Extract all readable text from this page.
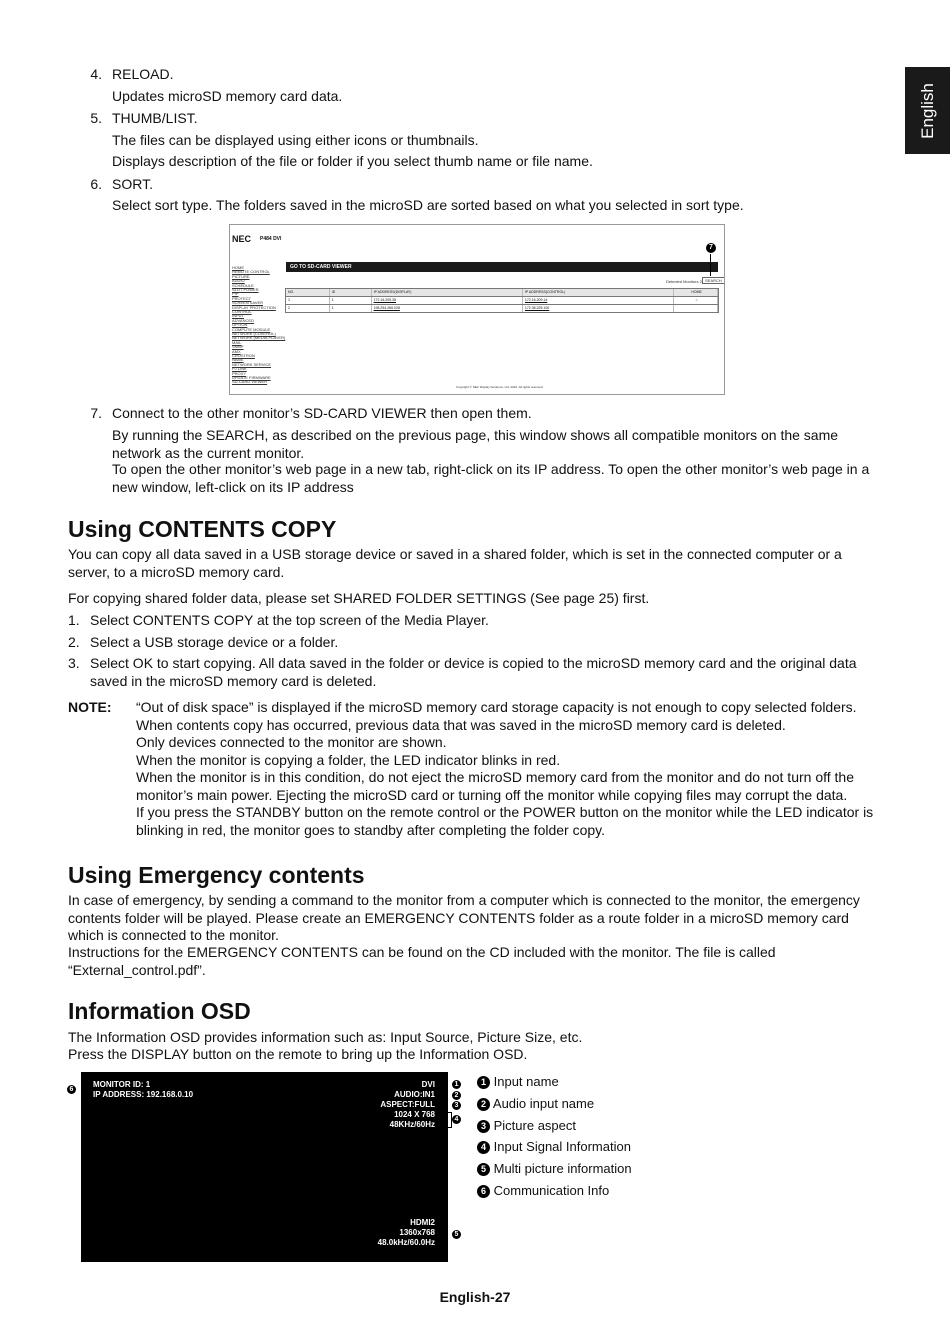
English
4. RELOAD.
Updates microSD memory card data.
5. THUMB/LIST.
The files can be displayed using either icons or thumbnails.
Displays description of the file or folder if you select thumb name or file name.
6. SORT.
Select sort type. The folders saved in the microSD are sorted based on what you selected in sort type.
NEC P484 DVI
GO TO SD-CARD VIEWER
7
Detected Monitors 2 SEARCH
HOME
REMOTE CONTROL
PICTURE
AUDIO
SCHEDULE
SLOT POWER
PIP
PROTECT
SCREEN SAVER
DISPLAY PROTECTION
CONTROL
INPUT
ADVANCED
OPTION
COMPUTE MODULE
NETWORK (CONTROL)
NETWORK (MEDIA PLAYER)
MAIL
SNMP
AMX
CROSTRON
NAME
NETWORK SERVICE
PJ LINK
PROXY
UPDATE FIRMWARE
SD-CARD VIEWER
NO.	ID	IP ADDRESS(DISPLAY)	IP ADDRESS(CONTROL)	HOME
1	1	172.16.209.35	172.16.209.14	○
2	1	198.254.266.028	172.35.225.100
Copyright © NEC Display Solutions, Ltd. 2016. All rights reserved.
7. Connect to the other monitor’s SD-CARD VIEWER then open them.
By running the SEARCH, as described on the previous page, this window shows all compatible monitors on the same network as the current monitor.
To open the other monitor’s web page in a new tab, right-click on its IP address. To open the other monitor’s web page in a new window, left-click on its IP address
Using CONTENTS COPY
You can copy all data saved in a USB storage device or saved in a shared folder, which is set in the connected computer or a server, to a microSD memory card.
For copying shared folder data, please set SHARED FOLDER SETTINGS (See page 25) first.
1. Select CONTENTS COPY at the top screen of the Media Player.
2. Select a USB storage device or a folder.
3. Select OK to start copying. All data saved in the folder or device is copied to the microSD memory card and the original data saved in the microSD memory card is deleted.
NOTE: “Out of disk space” is displayed if the microSD memory card storage capacity is not enough to copy selected folders.
When contents copy has occurred, previous data that was saved in the microSD memory card is deleted.
Only devices connected to the monitor are shown.
When the monitor is copying a folder, the LED indicator blinks in red.
When the monitor is in this condition, do not eject the microSD memory card from the monitor and do not turn off the monitor’s main power. Ejecting the microSD card or turning off the monitor while copying files may corrupt the data.
If you press the STANDBY button on the remote control or the POWER button on the monitor while the LED indicator is blinking in red, the monitor goes to standby after completing the folder copy.
Using Emergency contents
In case of emergency, by sending a command to the monitor from a computer which is connected to the monitor, the emergency contents folder will be played. Please create an EMERGENCY CONTENTS folder as a route folder in a microSD memory card which is connected to the monitor.
Instructions for the EMERGENCY CONTENTS can be found on the CD included with the monitor. The file is called “External_control.pdf”.
Information OSD
The Information OSD provides information such as: Input Source, Picture Size, etc.
Press the DISPLAY button on the remote to bring up the Information OSD.
MONITOR ID: 1
IP ADDRESS: 192.168.0.10
DVI
AUDIO:IN1
ASPECT:FULL
1024 X 768
48KHz/60Hz
HDMI2
1360x768
48.0kHz/60.0Hz
6
1
2
3
4
5
1 Input name
2 Audio input name
3 Picture aspect
4 Input Signal Information
5 Multi picture information
6 Communication Info
English-27
